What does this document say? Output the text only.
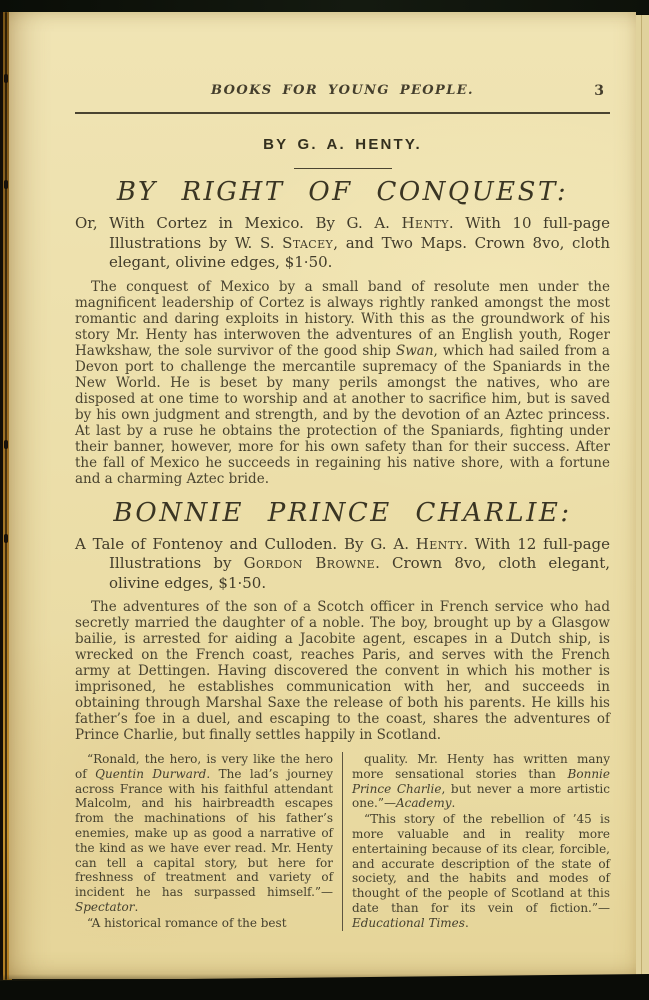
BOOKS FOR YOUNG PEOPLE.	3
BY G. A. HENTY.
BY RIGHT OF CONQUEST:

Or, With Cortez in Mexico. By G. A. Henty. With 10 full-page Illustrations by W. S. Stacey, and Two Maps. Crown 8vo, cloth elegant, olivine edges, $1·50.

The conquest of Mexico by a small band of resolute men under the magnificent leadership of Cortez is always rightly ranked amongst the most romantic and daring exploits in history. With this as the groundwork of his story Mr. Henty has interwoven the adventures of an English youth, Roger Hawkshaw, the sole survivor of the good ship Swan, which had sailed from a Devon port to challenge the mercantile supremacy of the Spaniards in the New World. He is beset by many perils amongst the natives, who are disposed at one time to worship and at another to sacrifice him, but is saved by his own judgment and strength, and by the devotion of an Aztec princess. At last by a ruse he obtains the protection of the Spaniards, fighting under their banner, however, more for his own safety than for their success. After the fall of Mexico he succeeds in regaining his native shore, with a fortune and a charming Aztec bride.

BONNIE PRINCE CHARLIE:

A Tale of Fontenoy and Culloden. By G. A. Henty. With 12 full-page Illustrations by Gordon Browne. Crown 8vo, cloth elegant, olivine edges, $1·50.

The adventures of the son of a Scotch officer in French service who had secretly married the daughter of a noble. The boy, brought up by a Glasgow bailie, is arrested for aiding a Jacobite agent, escapes in a Dutch ship, is wrecked on the French coast, reaches Paris, and serves with the French army at Dettingen. Having discovered the convent in which his mother is imprisoned, he establishes communication with her, and succeeds in obtaining through Marshal Saxe the release of both his parents. He kills his father’s foe in a duel, and escaping to the coast, shares the adventures of Prince Charlie, but finally settles happily in Scotland.

“Ronald, the hero, is very like the hero of Quentin Durward. The lad’s journey across France with his faithful attendant Malcolm, and his hairbreadth escapes from the machinations of his father’s enemies, make up as good a narrative of the kind as we have ever read. Mr. Henty can tell a capital story, but here for freshness of treatment and variety of incident he has surpassed himself.”—Spectator.

“A historical romance of the best

quality. Mr. Henty has written many more sensational stories than Bonnie Prince Charlie, but never a more artistic one.”—Academy.

“This story of the rebellion of ’45 is more valuable and in reality more entertaining because of its clear, forcible, and accurate description of the state of society, and the habits and modes of thought of the people of Scotland at this date than for its vein of fiction.”—Educational Times.
